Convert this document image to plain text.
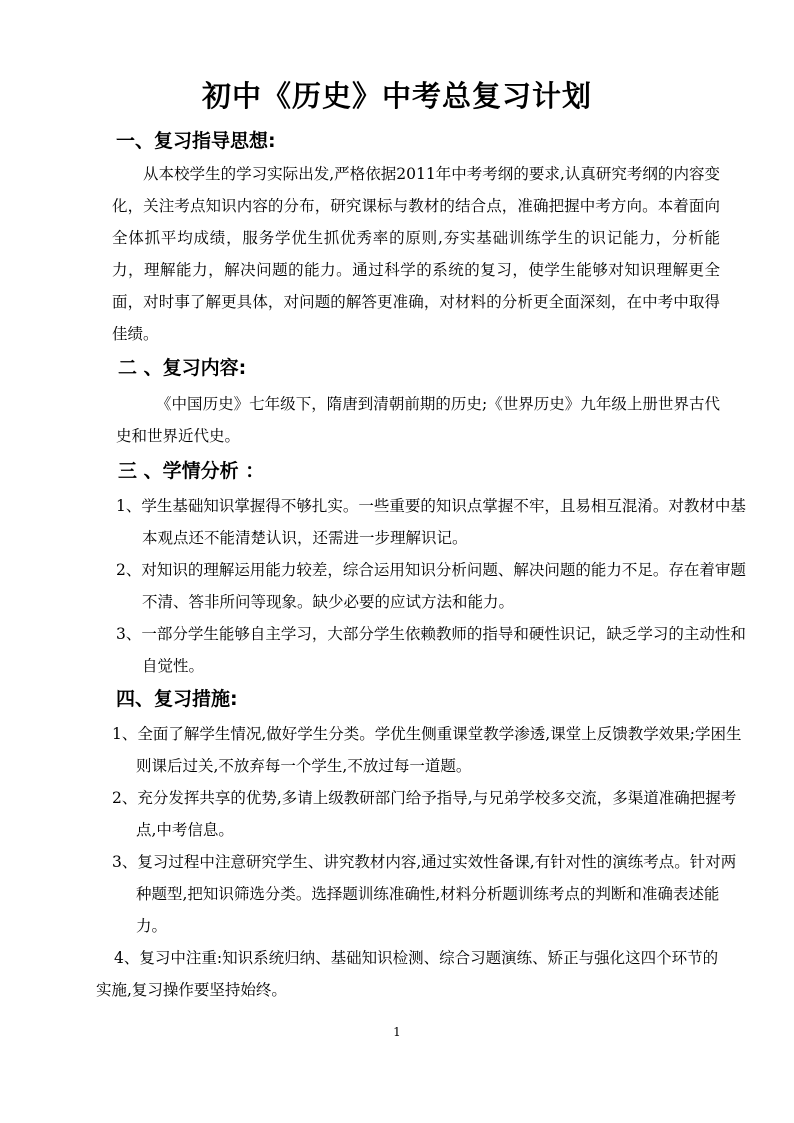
初中《历史》中考总复习计划
一、复习指导思想:

从本校学生的学习实际出发,严格依据2011年中考考纲的要求,认真研究考纲的内容变化，关注考点知识内容的分布，研究课标与教材的结合点，准确把握中考方向。本着面向全体抓平均成绩，服务学优生抓优秀率的原则,夯实基础训练学生的识记能力，分析能力，理解能力，解决问题的能力。通过科学的系统的复习，使学生能够对知识理解更全面，对时事了解更具体，对问题的解答更准确，对材料的分析更全面深刻，在中考中取得佳绩。

二 、复习内容:

《中国历史》七年级下，隋唐到清朝前期的历史;《世界历史》九年级上册世界古代史和世界近代史。

三 、学情分析 ：

1、学生基础知识掌握得不够扎实。一些重要的知识点掌握不牢，且易相互混淆。对教材中基本观点还不能清楚认识，还需进一步理解识记。

2、对知识的理解运用能力较差，综合运用知识分析问题、解决问题的能力不足。存在着审题不清、答非所问等现象。缺少必要的应试方法和能力。

3、一部分学生能够自主学习，大部分学生依赖教师的指导和硬性识记，缺乏学习的主动性和自觉性。

四、复习措施:

1、全面了解学生情况,做好学生分类。学优生侧重课堂教学渗透,课堂上反馈教学效果;学困生则课后过关,不放弃每一个学生,不放过每一道题。

2、充分发挥共享的优势,多请上级教研部门给予指导,与兄弟学校多交流，多渠道准确把握考点,中考信息。

3、复习过程中注意研究学生、讲究教材内容,通过实效性备课,有针对性的演练考点。针对两种题型,把知识筛选分类。选择题训练准确性,材料分析题训练考点的判断和准确表述能力。

4、复习中注重:知识系统归纳、基础知识检测、综合习题演练、矫正与强化这四个环节的实施,复习操作要坚持始终。

1
